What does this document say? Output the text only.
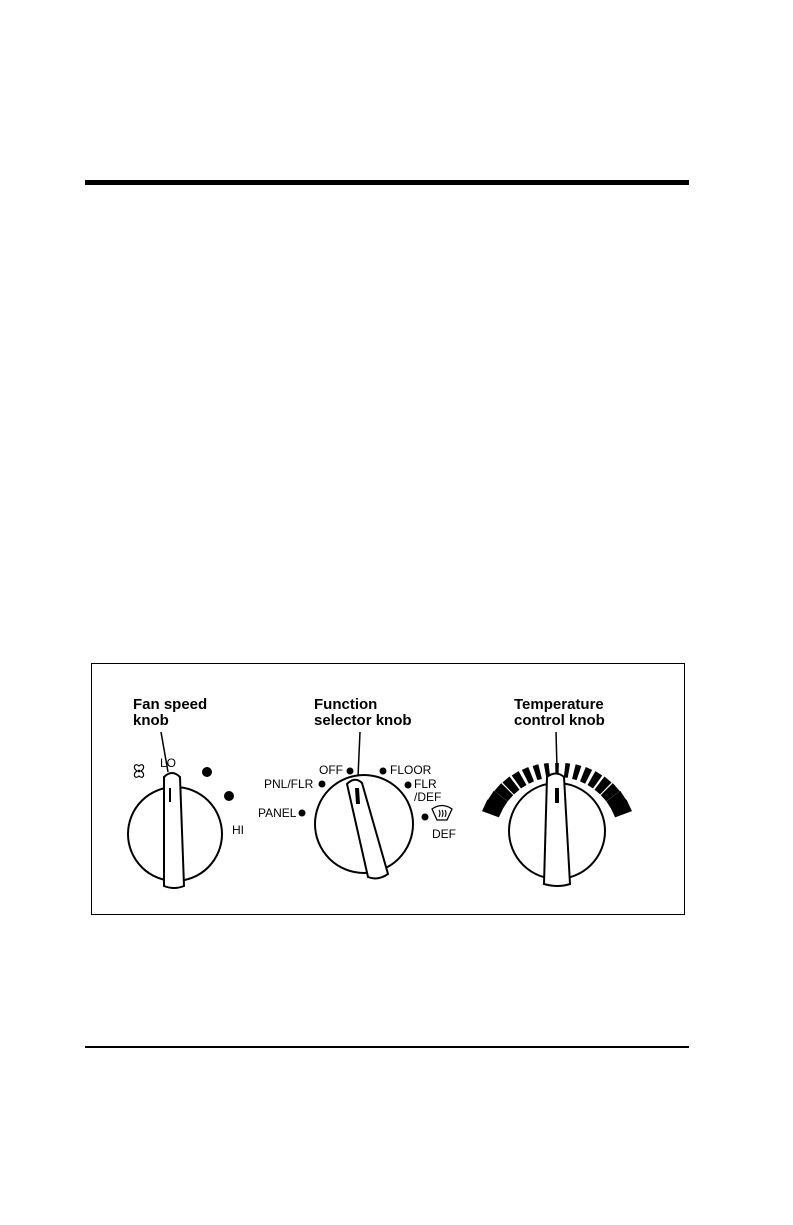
Fan speed
knob
Function
selector knob
Temperature
control knob
LO
HI
OFF	FLOOR
PNL/FLR	FLR
/DEF
PANEL
DEF
